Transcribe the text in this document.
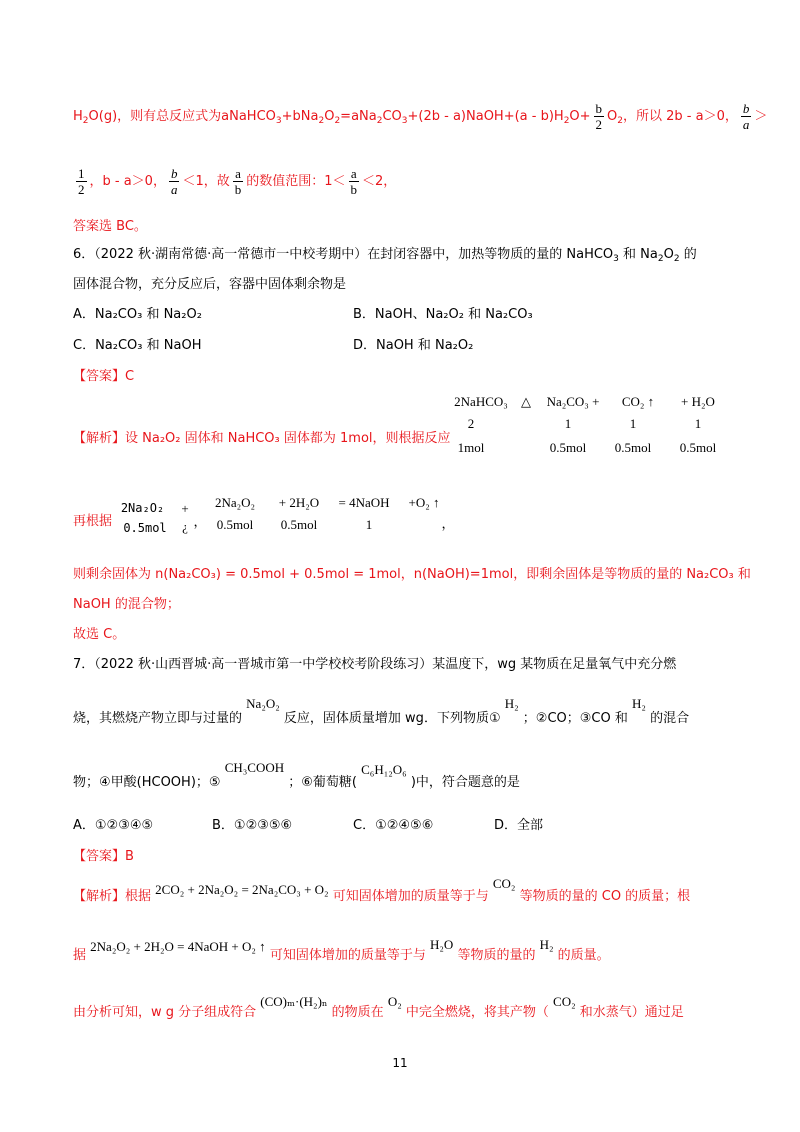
$H_2O(g)$，则有总反应式为$aNaHCO_3+bNa_2O_2=aNa_2CO_3+(2b$ - a)NaOH+(a - $b)H_2O+ \frac{b}{2} O_2$，所以 2b - a＞0， $\frac{b}{a}$ ＞
$\frac{1}{2}$ ，b - a＞0， $\frac{b}{a} <1$，故 $\frac{a}{b}$ 的数值范围：$1< \frac{a}{b} <2$，
答案选 BC。
6．（2022 秋·湖南常德·高一常德市一中校考期中）在封闭容器中，加热等物质的量的 NaHCO$_3$ 和 $Na_2O_2$ 的
固体混合物，充分反应后，容器中固体剩余物是
A．Na₂CO₃ 和 Na₂O₂	B．NaOH、Na₂O₂ 和 Na₂CO₃
C．Na₂CO₃ 和 NaOH	D．NaOH 和 Na₂O₂
【答案】C
【解析】设 Na₂O₂ 固体和 NaHCO₃ 固体都为 1mol，则根据反应
2NaHCO₃	△	Na₂CO₃ +	CO₂ ↑	+ H₂O
2	1	1	1
1mol	0.5mol	0.5mol	0.5mol
再根据
2Na₂O₂
0.5mol
+
¿ ，
2Na₂O₂	+ 2H₂O	= 4NaOH	+O₂ ↑
0.5mol	0.5mol	1	，
则剩余固体为 n(Na₂CO₃) = 0.5mol + 0.5mol = 1mol，n(NaOH)=1mol，即剩余固体是等物质的量的 Na₂CO₃ 和
NaOH 的混合物；
故选 C。
7．（2022 秋·山西晋城·高一晋城市第一中学校校考阶段练习）某温度下，wg 某物质在足量氧气中充分燃
烧，其燃烧产物立即与过量的 Na₂O₂ 反应，固体质量增加 wg．下列物质① H₂ ；②CO；③CO 和 H₂ 的混合
物；④甲酸(HCOOH)；⑤ CH₃COOH ；⑥葡萄糖( C₆H₁₂O₆ )中，符合题意的是
A．①②③④⑤	B．①②③⑤⑥	C．①②④⑤⑥	D．全部
【答案】B
【解析】根据 2CO₂ + 2Na₂O₂ = 2Na₂CO₃ + O₂ 可知固体增加的质量等于与 CO₂ 等物质的量的 CO 的质量；根
据 2Na₂O₂ + 2H₂O = 4NaOH + O₂ ↑ 可知固体增加的质量等于与 H₂O 等物质的量的 H₂ 的质量。
由分析可知，w g 分子组成符合 (CO)ₘ·(H₂)ₙ 的物质在 O₂ 中完全燃烧，将其产物（ CO₂ 和水蒸气）通过足
11
